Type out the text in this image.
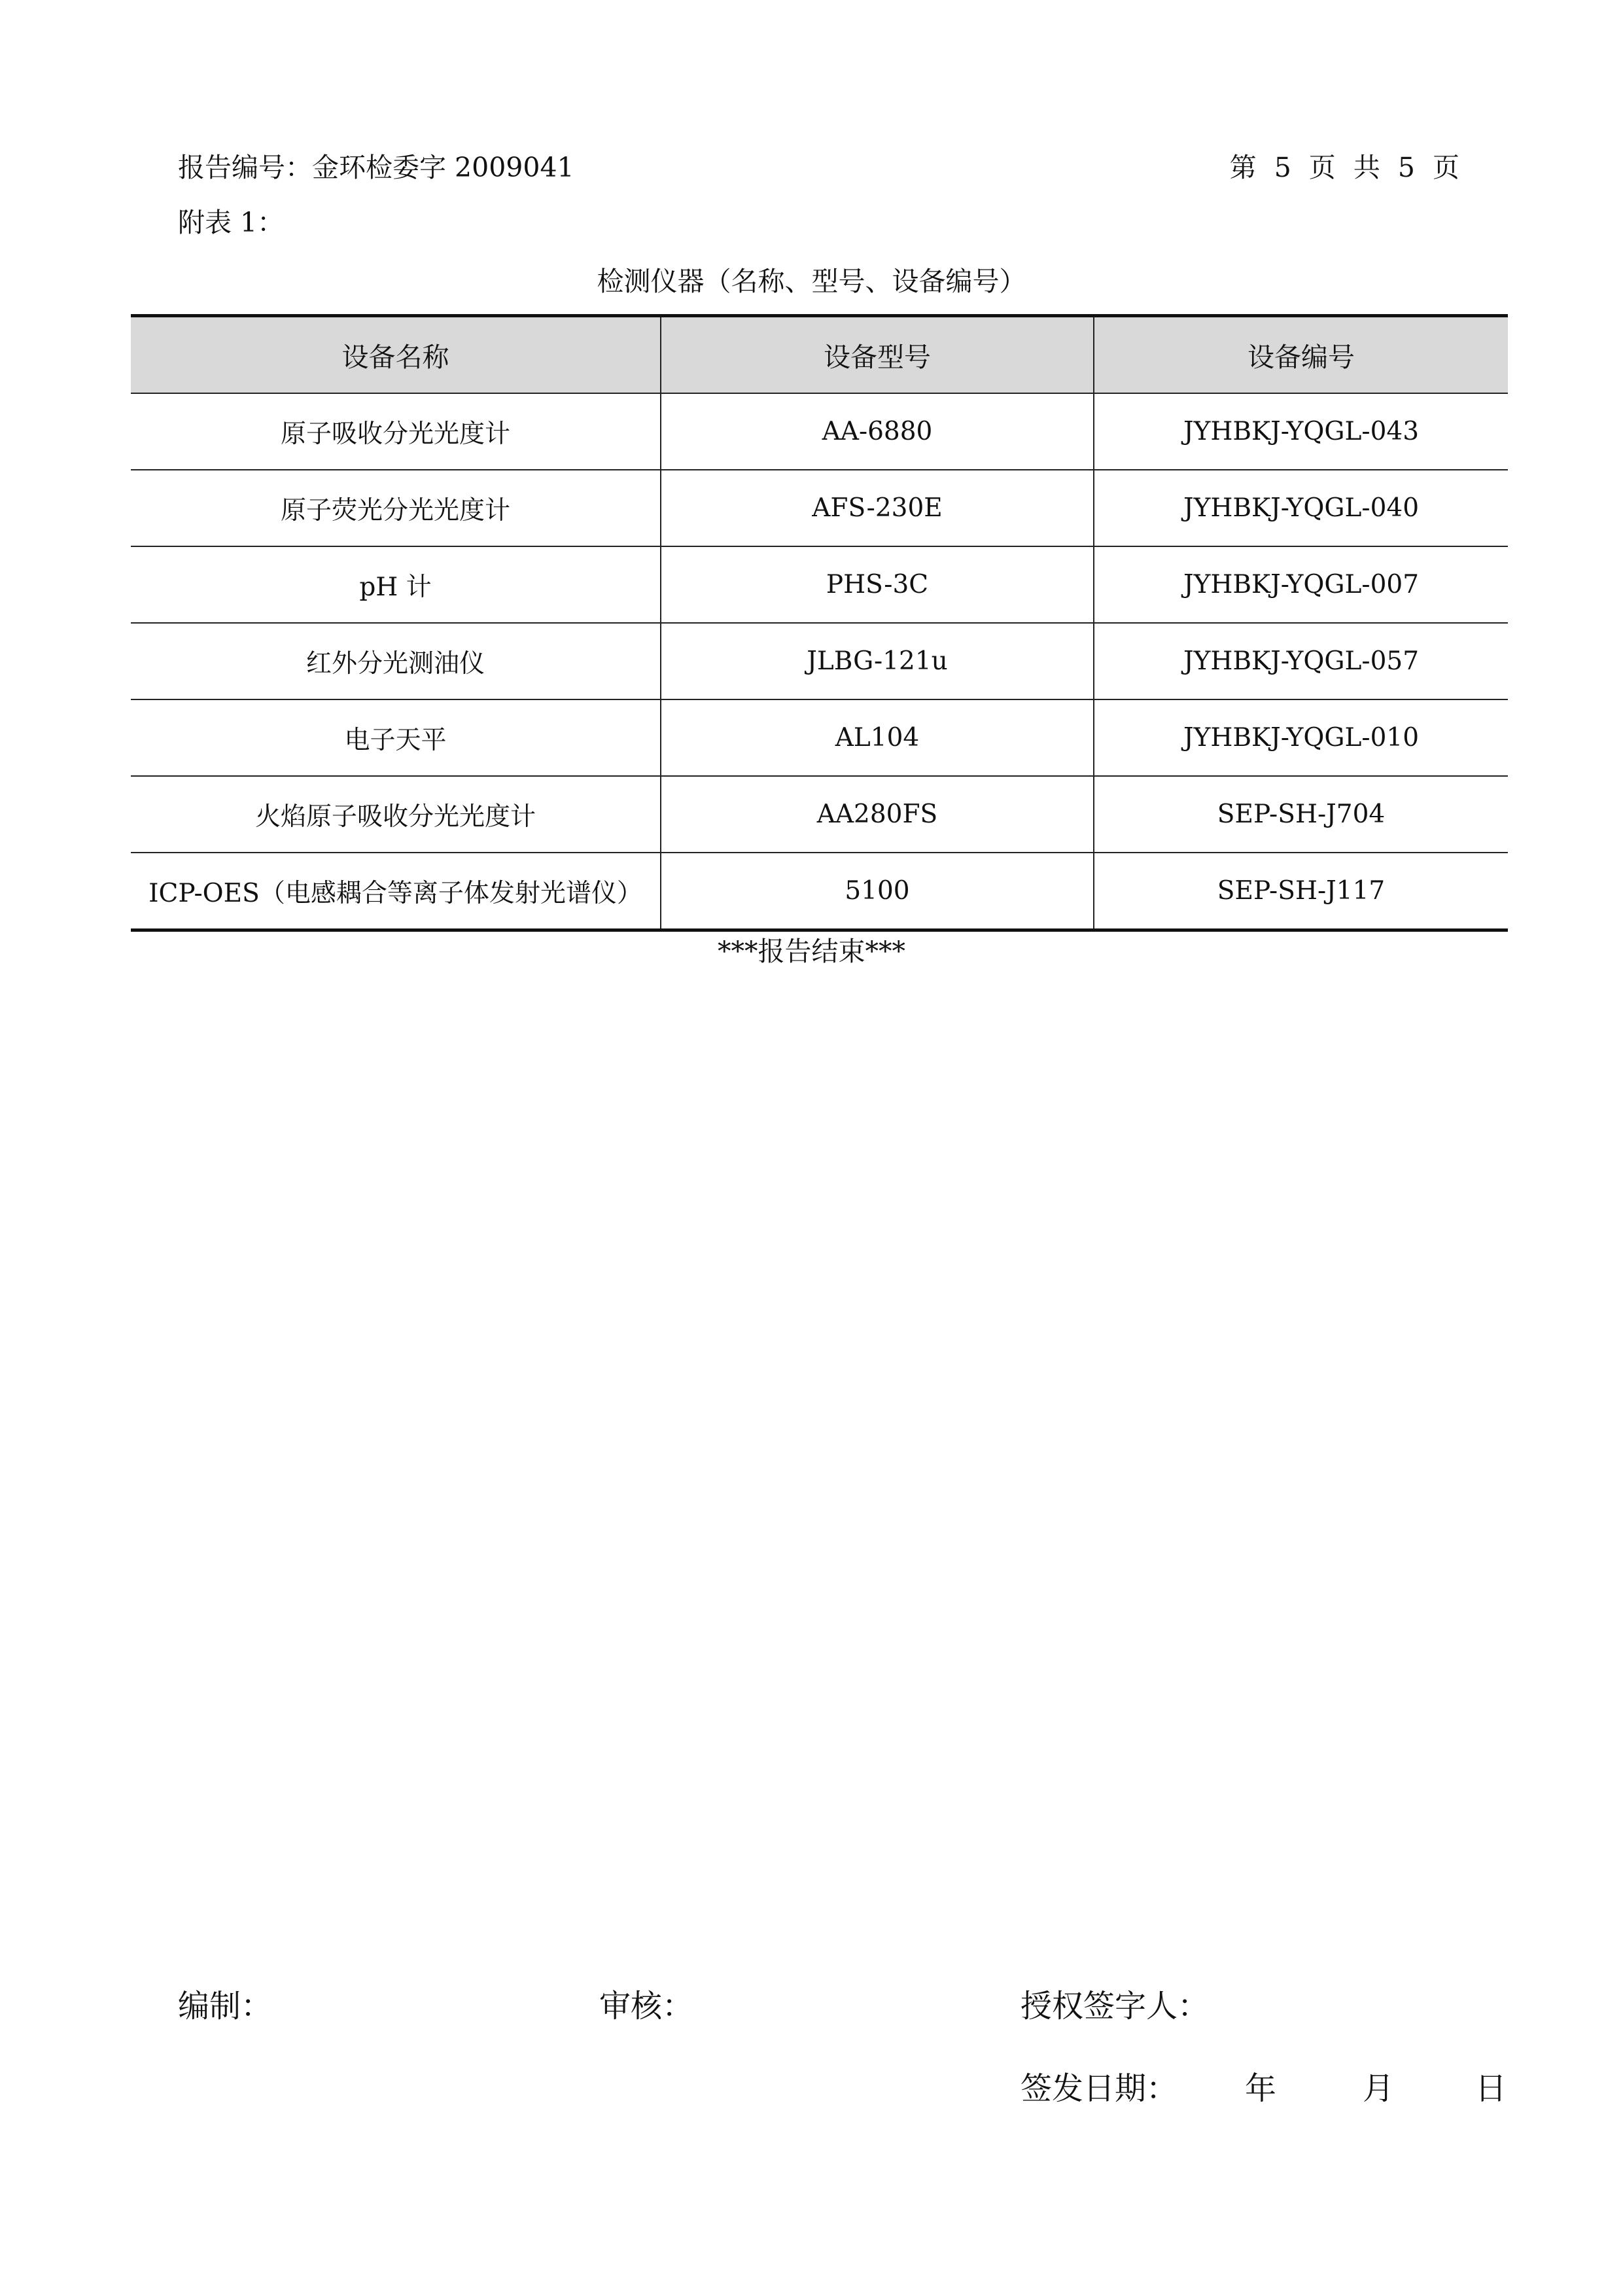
报告编号：金环检委字 2009041	第 5 页 共 5 页
附表 1：
检测仪器（名称、型号、设备编号）
设备名称	设备型号	设备编号
原子吸收分光光度计	AA-6880	JYHBKJ-YQGL-043
原子荧光分光光度计	AFS-230E	JYHBKJ-YQGL-040
pH 计	PHS-3C	JYHBKJ-YQGL-007
红外分光测油仪	JLBG-121u	JYHBKJ-YQGL-057
电子天平	AL104	JYHBKJ-YQGL-010
火焰原子吸收分光光度计	AA280FS	SEP-SH-J704
ICP-OES（电感耦合等离子体发射光谱仪）	5100	SEP-SH-J117
***报告结束***
编制：	审核：	授权签字人：
签发日期： 年	月	日
